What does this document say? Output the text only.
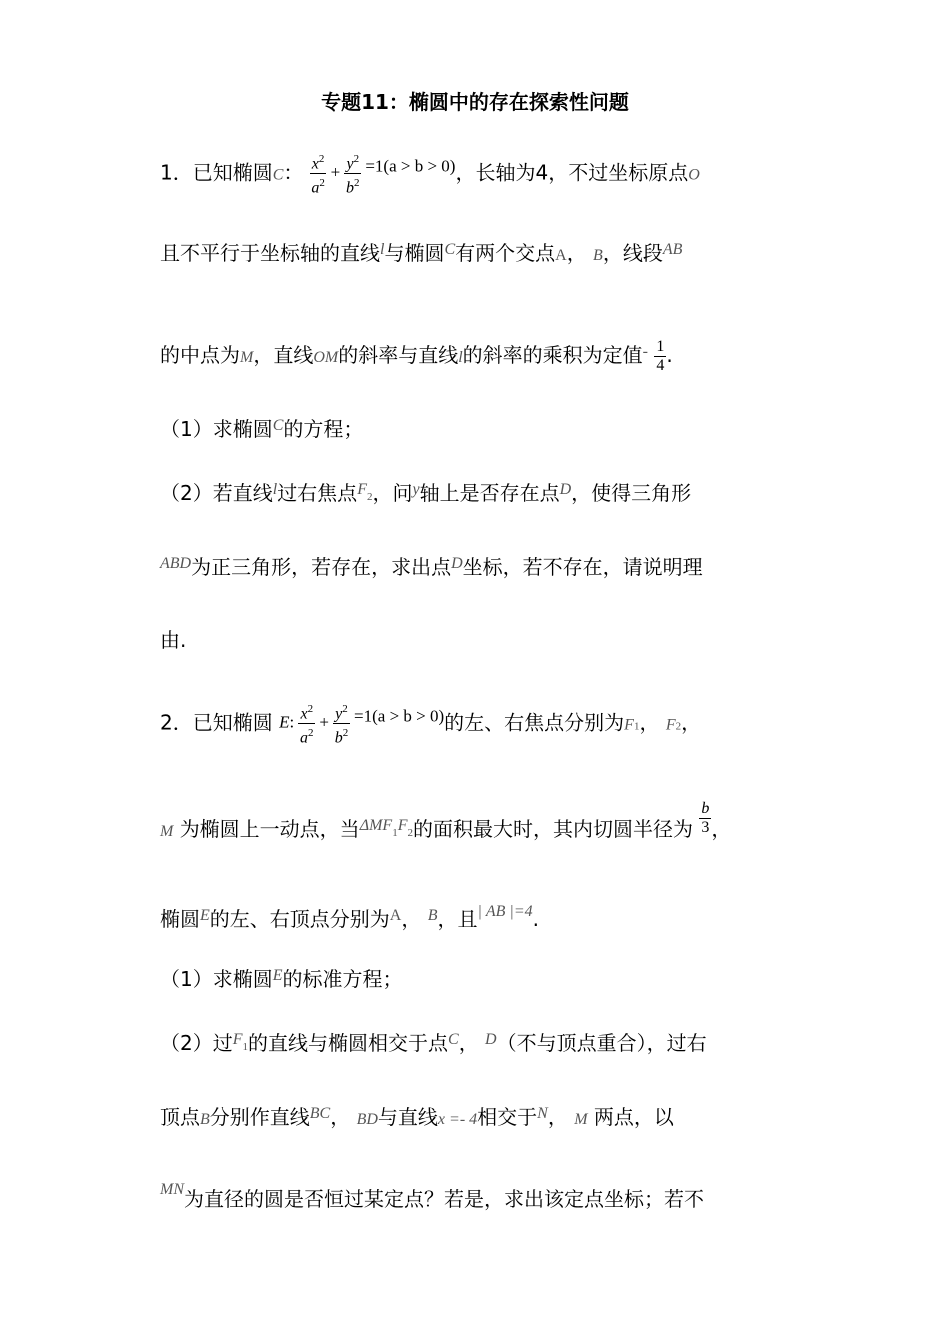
专题11：椭圆中的存在探索性问题
1．已知椭圆C： $\frac{x^2}{a^2} + \frac{y^2}{b^2} =1(a > b > 0)$，长轴为4，不过坐标原点O
且不平行于坐标轴的直线$^l$与椭圆$^C$有两个交点A， B，线段$^{AB}$
的中点为M，直线OM的斜率与直线l的斜率的乘积为定值$^- \frac{1}{4}$ .
（1）求椭圆$^C$的方程；
（2）若直线$^l$过右焦点$^F$2，问$^y$轴上是否存在点$^D$，使得三角形
$^{ABD}$为正三角形，若存在，求出点$^D$坐标，若不存在，请说明理
由.
2．已知椭圆 E: $\frac{x^2}{a^2} + \frac{y^2}{b^2} =1(a > b > 0)$的左、右焦点分别为F1， F2，
M 为椭圆上一动点，当$^{\Delta MF}1^F2$的面积最大时，其内切圆半径为 $\frac{b}{3}$ ，
椭圆$^E$的左、右顶点分别为$^A$， $^B$，且$^{| AB |=4}$.
（1）求椭圆$^E$的标准方程；
（2）过$^F$1的直线与椭圆相交于点$^C$， $^D$（不与顶点重合），过右
顶点B分别作直线$^{BC}$， BD与直线x =- 4相交于$^N$， M 两点，以
$^{MN}$为直径的圆是否恒过某定点？若是，求出该定点坐标；若不
